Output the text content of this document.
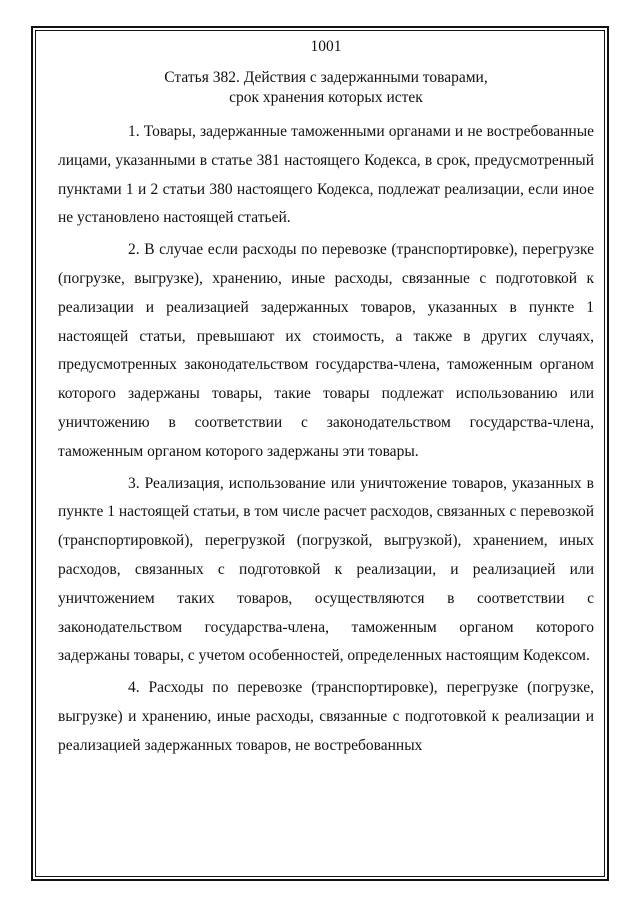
1001

Статья 382. Действия с задержанными товарами,
срок хранения которых истек

1. Товары, задержанные таможенными органами и не востребованные лицами, указанными в статье 381 настоящего Кодекса, в срок, предусмотренный пунктами 1 и 2 статьи 380 настоящего Кодекса, подлежат реализации, если иное не установлено настоящей статьей.

2. В случае если расходы по перевозке (транспортировке), перегрузке (погрузке, выгрузке), хранению, иные расходы, связанные с подготовкой к реализации и реализацией задержанных товаров, указанных в пункте 1 настоящей статьи, превышают их стоимость, а также в других случаях, предусмотренных законодательством государства-члена, таможенным органом которого задержаны товары, такие товары подлежат использованию или уничтожению в соответствии с законодательством государства-члена, таможенным органом которого задержаны эти товары.

3. Реализация, использование или уничтожение товаров, указанных в пункте 1 настоящей статьи, в том числе расчет расходов, связанных с перевозкой (транспортировкой), перегрузкой (погрузкой, выгрузкой), хранением, иных расходов, связанных с подготовкой к реализации, и реализацией или уничтожением таких товаров, осуществляются в соответствии с законодательством государства-члена, таможенным органом которого задержаны товары, с учетом особенностей, определенных настоящим Кодексом.

4. Расходы по перевозке (транспортировке), перегрузке (погрузке, выгрузке) и хранению, иные расходы, связанные с подготовкой к реализации и реализацией задержанных товаров, не востребованных
